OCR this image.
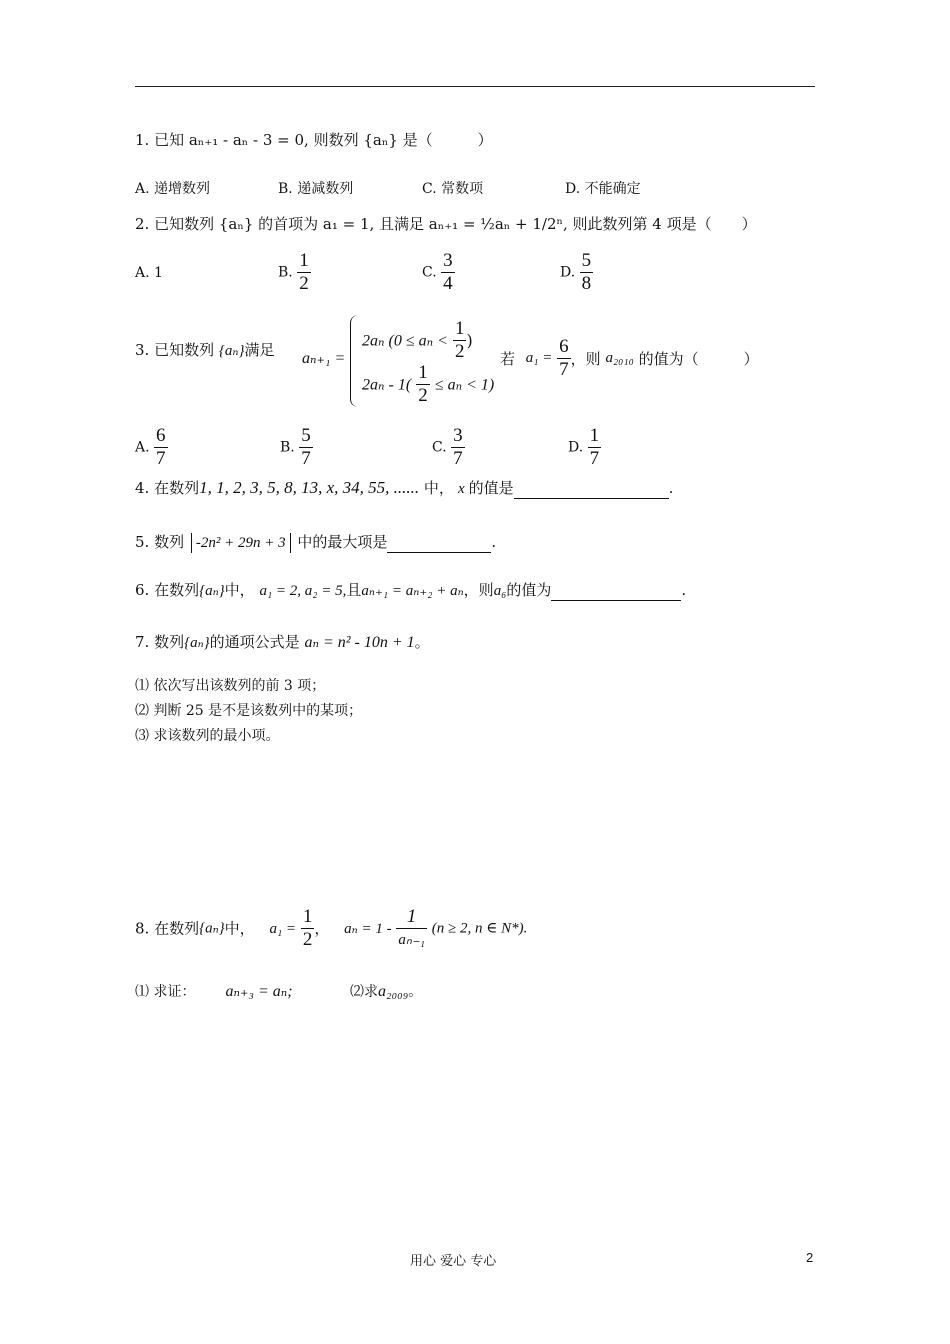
1. 已知 aₙ₊₁ - aₙ - 3 = 0, 则数列 {aₙ} 是（　　　）
A. 递增数列	B. 递减数列	C. 常数项	D. 不能确定
2. 已知数列 {aₙ} 的首项为 a₁ = 1, 且满足 aₙ₊₁ = ½aₙ + 1/2ⁿ, 则此数列第 4 项是（　　）
A. 1	B. $\frac{1}{2}$	C. $\frac{3}{4}$	D. $\frac{5}{8}$
3. 已知数列 {aₙ}满足 aₙ₊₁ =
2aₙ ($0 \le a_n < \frac{1}{2}$ )
$2a_n - 1( \frac{1}{2} \le a_n < 1)$
若 $a_1 = \frac{6}{7}$ ，则 a₂₀₁₀ 的值为（　　　）
A. $\frac{6}{7}$	B. $\frac{5}{7}$	C. $\frac{3}{7}$	D. $\frac{1}{7}$
4. 在数列1, 1, 2, 3, 5, 8, 13, x, 34, 55, ...... 中， x 的值是	.
5. 数列 -2n² + 29n + 3 中的最大项是	.
6. 在数列{aₙ}中， a₁ = 2, a₂ = 5,且aₙ₊₁ = aₙ₊₂ + aₙ，则a₆的值为	.
7. 数列{aₙ}的通项公式是 aₙ = n² - 10n + 1。
⑴ 依次写出该数列的前 3 项；
⑵ 判断 25 是不是该数列中的某项；
⑶ 求该数列的最小项。
8. 在数列{aₙ}中， $a_1 = \frac{1}{2}$ ， $a_n = 1 - \frac{1}{\text{aₙ₋₁}} (n \ge 2$, n ∈ N*).
⑴ 求证： aₙ₊₃ = aₙ;	⑵求a₂₀₀₉。
用心 爱心 专心	2
